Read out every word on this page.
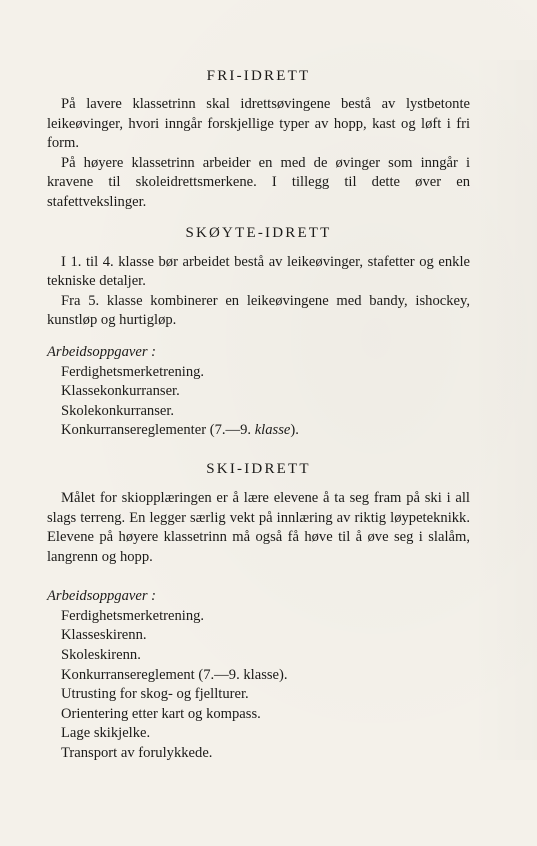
FRI-IDRETT

På lavere klassetrinn skal idrettsøvingene bestå av lystbetonte leikeøvinger, hvori inngår forskjellige typer av hopp, kast og løft i fri form.

På høyere klassetrinn arbeider en med de øvinger som inngår i kravene til skoleidrettsmerkene. I tillegg til dette øver en stafettvekslinger.

SKØYTE-IDRETT

I 1. til 4. klasse bør arbeidet bestå av leikeøvinger, stafetter og enkle tekniske detaljer.

Fra 5. klasse kombinerer en leikeøvingene med bandy, ishockey, kunstløp og hurtigløp.

Arbeidsoppgaver :
Ferdighetsmerketrening.
Klassekonkurranser.
Skolekonkurranser.
Konkurransereglementer (7.—9. klasse).
SKI-IDRETT

Målet for skiopplæringen er å lære elevene å ta seg fram på ski i all slags terreng. En legger særlig vekt på innlæring av riktig løypeteknikk. Elevene på høyere klassetrinn må også få høve til å øve seg i slalåm, langrenn og hopp.

Arbeidsoppgaver :
Ferdighetsmerketrening.
Klasseskirenn.
Skoleskirenn.
Konkurransereglement (7.—9. klasse).
Utrusting for skog- og fjellturer.
Orientering etter kart og kompass.
Lage skikjelke.
Transport av forulykkede.
